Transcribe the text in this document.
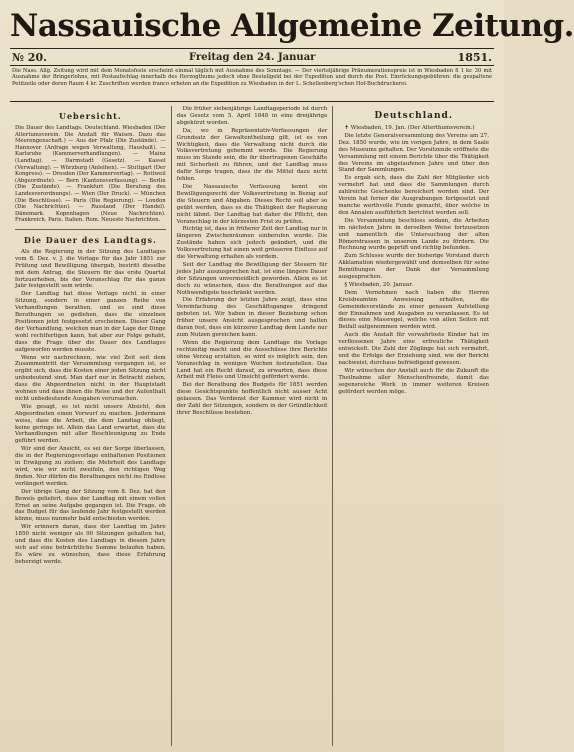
Nassauische Allgemeine Zeitung.
№ 20.	Freitag den 24. Januar	1851.
Die Nass. Allg. Zeitung wird mit dem Monatsfeste erscheint einmal täglich mit Ausnahme des Sonntags. — Der vierteljährige Pränumerationspreis ist in Wiesbaden fl 1 kr. 30 mit Ausnahme der Bringerlohns, mit Postaufschlag innerhalb des Herzogthums jedoch ohne Bestellgeld bei der Expedition und durch die Post. Einrückungsgebühren: die gespaltene Petitzeile oder deren Raum 4 kr. Zuschriften werden franco erbeten an die Expedition zu Wiesbaden in der L. Schellenberg'schen Hof-Buchdruckerei.
Uebersicht.
Die Dauer des Landtags. Deutschland. Wiesbaden (Der Altertumsverein. Die Anstalt für Waisen. Dazu das Meerengenschaft.) — Aus der Pfalz (Die Zustände). — Hannover (Anfrage wegen Verwaltung, Haushalt). — Karlsruhe (Kammerverhandlungen). — Mainz (Landtag). — Darmstadt (Gesetz). — Kassel (Verwaltung). — Würzburg (Anleihen). — Stuttgart (Der Kongress). — Dresden (Der Kammervertag). — Rottweil (Abgeordnete). — Bern (Kantonsverfassung). — Berlin (Die Zustände). — Frankfurt (Die Berufung des Landesverordnungs). — Wien (Der Druck). — München (Die Beschlüsse). — Paris (Die Regierung). — London (Die Nachrichten). — Russland (Der Handel). Dänemark. Kopenhagen (Neue Nachrichten). Frankreich. Paris. Italien. Rom. Neueste Nachrichten.
Die Dauer des Landtags.

Als die Regierung in der Sitzung des Landtages vom 8. Dez. v. J. die Vorlage für das Jahr 1851 zur Prüfung und Bewilligung übergab, bestritt dieselbe mit dem Antrag, die Steuern für das erste Quartal fortzuerheben, bis der Voranschlag für das ganze Jahr festgestellt sein würde.

Der Landtag hat diese Vorlage nicht in einer Sitzung, sondern in einer ganzen Reihe von Verhandlungen berathen, und es sind diese Berathungen so gediehen, dass die einzelnen Positionen jetzt festgesetzt erscheinen. Dieser Gang der Verhandlung, welchen man in der Lage der Dinge wohl rechtfertigen kann, hat aber zur Folge gehabt, dass die Frage über die Dauer des Landtages aufgeworfen werden musste.

Wenn wir nachrechnen, wie viel Zeit seit dem Zusammentritt der Versammlung vergangen ist, so ergibt sich, dass die Kosten einer jeden Sitzung nicht unbedeutend sind. Man darf nur in Betracht ziehen, dass die Abgeordneten nicht in der Hauptstadt wohnen und dass ihnen die Reise und der Aufenthalt nicht unbedeutende Ausgaben verursachen.

Wie gesagt, es ist nicht unsere Absicht, den Abgeordneten einen Vorwurf zu machen. Jedermann weiss, dass die Arbeit, die dem Landtag obliegt, keine geringe ist. Allein das Land erwartet, dass die Verhandlungen mit aller Beschleunigung zu Ende geführt werden.

Wir sind der Ansicht, es sei der Sorge überlassen, die in der Regierungsvorlage enthaltenen Positionen in Erwägung zu ziehen; die Mehrheit des Landtags wird, wie wir nicht zweifeln, den richtigen Weg finden. Nur dürfen die Berathungen nicht ins Endlose verlängert werden.

Der übrige Gang der Sitzung vom 8. Dez. hat den Beweis geliefert, dass der Landtag mit einem vollen Ernst an seine Aufgabe gegangen ist. Die Frage, ob das Budget für das laufende Jahr festgestellt werden könne, muss nunmehr bald entschieden werden.

Wir erinnern daran, dass der Landtag im Jahre 1850 nicht weniger als 90 Sitzungen gehalten hat, und dass die Kosten des Landtags in diesem Jahre sich auf eine beträchtliche Summe belaufen haben. Es wäre zu wünschen, dass diese Erfahrung beherzigt werde.

Die früher siebenjährige Landtagsperiode ist durch das Gesetz vom 5. April 1848 in eine dreijährige abgekürzt worden.

Da, wo in Repräsentativ-Verfassungen der Grundsatz der Gewaltentheilung gilt, ist es von Wichtigkeit, dass die Verwaltung nicht durch die Volksvertretung gehemmt werde. Die Regierung muss im Stande sein, die ihr übertragenen Geschäfte mit Sicherheit zu führen, und der Landtag muss dafür Sorge tragen, dass ihr die Mittel dazu nicht fehlen.

Die Nassauische Verfassung kennt ein Bewilligungsrecht der Volksvertretung in Bezug auf die Steuern und Abgaben. Dieses Recht soll aber so geübt werden, dass es die Thätigkeit der Regierung nicht lähmt. Der Landtag hat daher die Pflicht, den Voranschlag in der kürzesten Frist zu prüfen.

Richtig ist, dass in früherer Zeit der Landtag nur in längeren Zwischenräumen einberufen wurde. Die Zustände haben sich jedoch geändert, und die Volksvertretung hat einen weit grösseren Einfluss auf die Verwaltung erhalten als vordem.

Seit der Landtag die Bewilligung der Steuern für jedes Jahr auszusprechen hat, ist eine längere Dauer der Sitzungen unvermeidlich geworden. Allein es ist doch zu wünschen, dass die Berathungen auf das Nothwendigste beschränkt werden.

Die Erfahrung der letzten Jahre zeigt, dass eine Vereinfachung des Geschäftsganges dringend geboten ist. Wir haben in dieser Beziehung schon früher unsere Ansicht ausgesprochen und halten daran fest, dass ein kürzerer Landtag dem Lande nur zum Nutzen gereichen kann.

Wenn die Regierung dem Landtage die Vorlage rechtzeitig macht und die Ausschüsse ihre Berichte ohne Verzug erstatten, so wird es möglich sein, den Voranschlag in wenigen Wochen festzustellen. Das Land hat ein Recht darauf, zu erwarten, dass diese Arbeit mit Fleiss und Umsicht gefördert werde.

Bei der Berathung des Budgets für 1851 werden diese Gesichtspunkte hoffentlich nicht ausser Acht gelassen. Das Verdienst der Kammer wird nicht in der Zahl der Sitzungen, sondern in der Gründlichkeit ihrer Beschlüsse bestehen.

Deutschland.

✝ Wiesbaden, 19. Jan. (Der Alterthumsverein.)

Die letzte Generalversammlung des Vereins am 27. Dez. 1850 wurde, wie im vorigen Jahre, in dem Saale des Museums gehalten. Der Vorsitzende eröffnete die Versammlung mit einem Berichte über die Thätigkeit des Vereins im abgelaufenen Jahre und über den Stand der Sammlungen.

Es ergab sich, dass die Zahl der Mitglieder sich vermehrt hat und dass die Sammlungen durch zahlreiche Geschenke bereichert worden sind. Der Verein hat ferner die Ausgrabungen fortgesetzt und manche werthvolle Funde gemacht, über welche in den Annalen ausführlich berichtet werden soll.

Die Versammlung beschloss sodann, die Arbeiten im nächsten Jahre in derselben Weise fortzusetzen und namentlich die Untersuchung der alten Römerstrassen in unserem Lande zu fördern. Die Rechnung wurde geprüft und richtig befunden.

Zum Schlusse wurde der bisherige Vorstand durch Akklamation wiedergewählt und demselben für seine Bemühungen der Dank der Versammlung ausgesprochen.

§ Wiesbaden, 20. Januar.

Dem Vernehmen nach haben die Herren Kreisbeamten Anweisung erhalten, die Gemeindevorstände zu einer genauen Aufstellung der Einnahmen und Ausgaben zu veranlassen. Es ist dieses eine Massregel, welche von allen Seiten mit Beifall aufgenommen werden wird.

Auch die Anstalt für verwahrloste Kinder hat im verflossenen Jahre eine erfreuliche Thätigkeit entwickelt. Die Zahl der Zöglinge hat sich vermehrt, und die Erfolge der Erziehung sind, wie der Bericht nachweist, durchaus befriedigend gewesen.

Wir wünschen der Anstalt auch für die Zukunft die Theilnahme aller Menschenfreunde, damit das segensreiche Werk in immer weiteren Kreisen gefördert werden möge.
